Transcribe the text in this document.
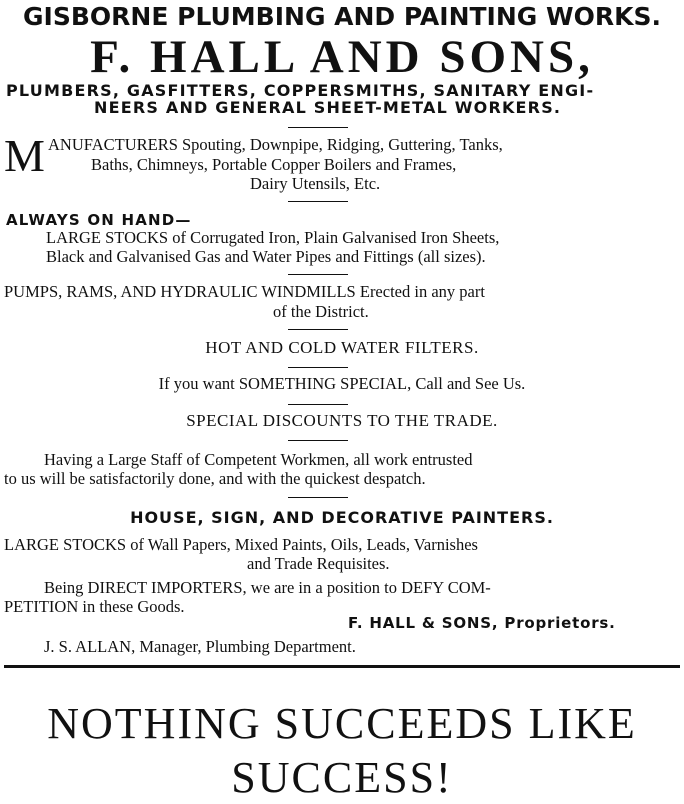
GISBORNE PLUMBING AND PAINTING WORKS.
F. HALL AND SONS,
PLUMBERS, GASFITTERS, COPPERSMITHS, SANITARY ENGI-
NEERS AND GENERAL SHEET-METAL WORKERS.
M ANUFACTURERS Spouting, Downpipe, Ridging, Guttering, Tanks,
Baths, Chimneys, Portable Copper Boilers and Frames,
Dairy Utensils, Etc.
ALWAYS ON HAND—
LARGE STOCKS of Corrugated Iron, Plain Galvanised Iron Sheets,
Black and Galvanised Gas and Water Pipes and Fittings (all sizes).
PUMPS, RAMS, AND HYDRAULIC WINDMILLS Erected in any part
of the District.
HOT AND COLD WATER FILTERS.
If you want SOMETHING SPECIAL, Call and See Us.
SPECIAL DISCOUNTS TO THE TRADE.
Having a Large Staff of Competent Workmen, all work entrusted
to us will be satisfactorily done, and with the quickest despatch.
HOUSE, SIGN, AND DECORATIVE PAINTERS.
LARGE STOCKS of Wall Papers, Mixed Paints, Oils, Leads, Varnishes
and Trade Requisites.
Being DIRECT IMPORTERS, we are in a position to DEFY COM-
PETITION in these Goods.
F. HALL & SONS, Proprietors.
J. S. ALLAN, Manager, Plumbing Department.
NOTHING SUCCEEDS LIKE
SUCCESS!
